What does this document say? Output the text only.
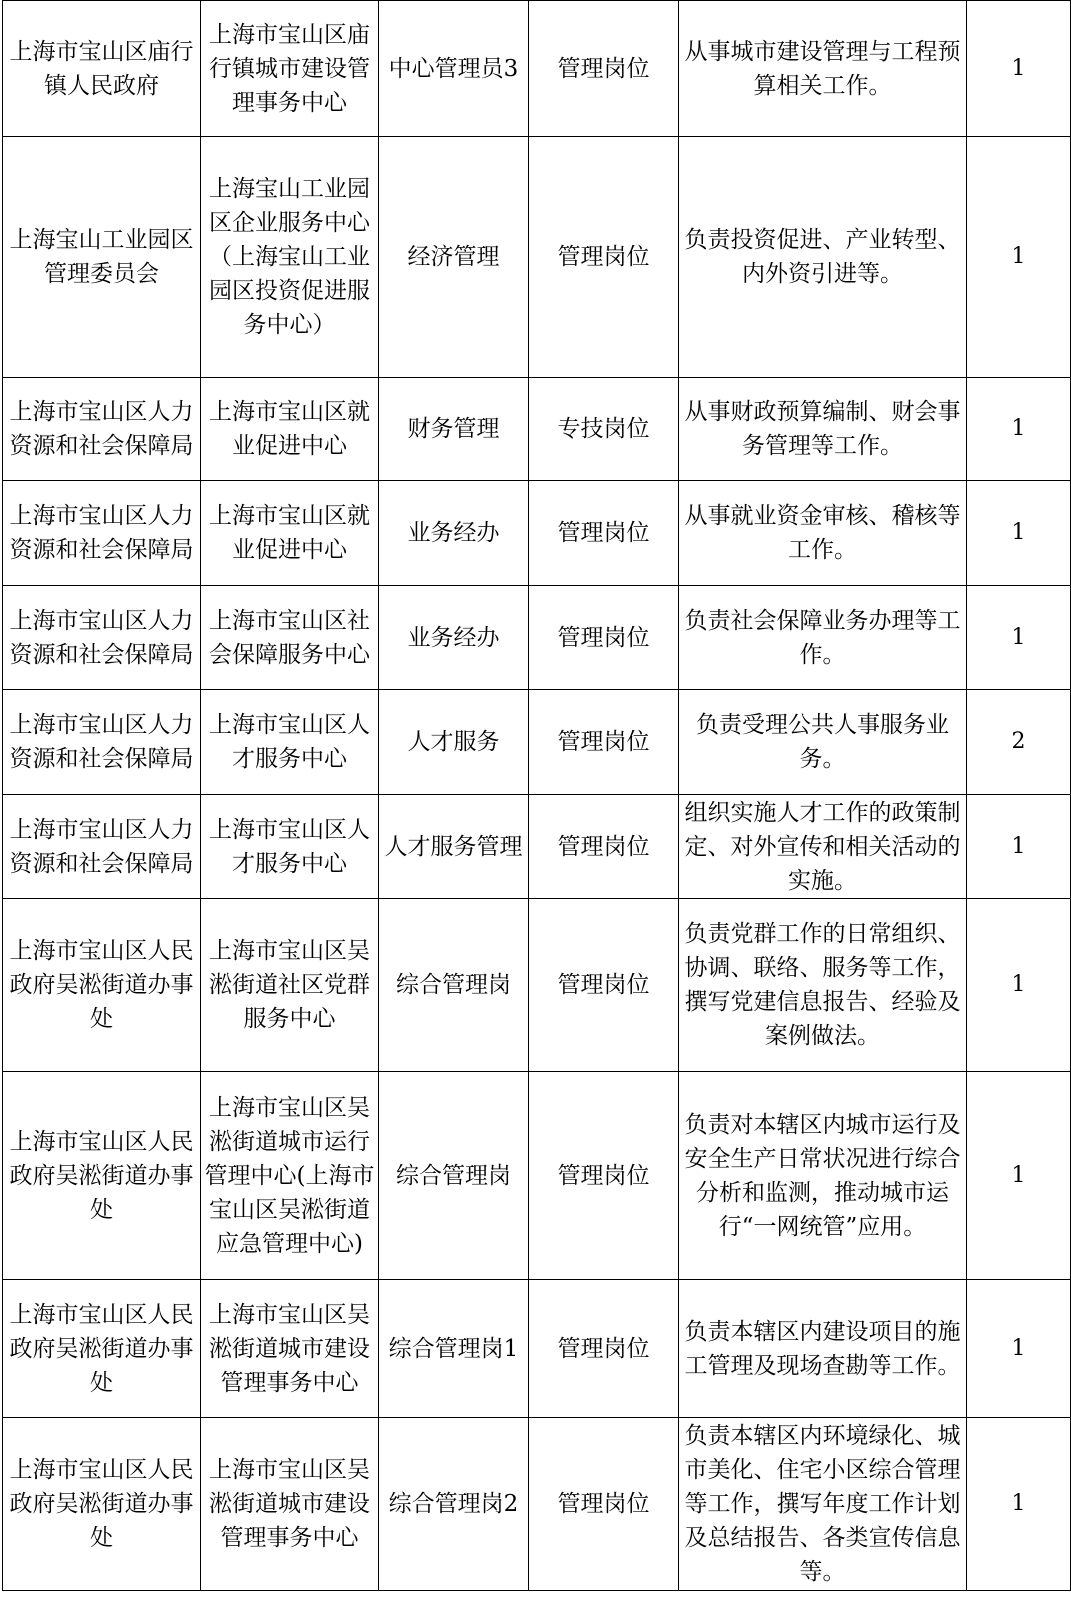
上海市宝山区庙行镇人民政府	上海市宝山区庙行镇城市建设管理事务中心	中心管理员3	管理岗位	从事城市建设管理与工程预算相关工作。	1
上海宝山工业园区管理委员会	上海宝山工业园区企业服务中心（上海宝山工业园区投资促进服务中心）	经济管理	管理岗位	负责投资促进、产业转型、内外资引进等。	1
上海市宝山区人力资源和社会保障局	上海市宝山区就业促进中心	财务管理	专技岗位	从事财政预算编制、财会事务管理等工作。	1
上海市宝山区人力资源和社会保障局	上海市宝山区就业促进中心	业务经办	管理岗位	从事就业资金审核、稽核等工作。	1
上海市宝山区人力资源和社会保障局	上海市宝山区社会保障服务中心	业务经办	管理岗位	负责社会保障业务办理等工作。	1
上海市宝山区人力资源和社会保障局	上海市宝山区人才服务中心	人才服务	管理岗位	负责受理公共人事服务业务。	2
上海市宝山区人力资源和社会保障局	上海市宝山区人才服务中心	人才服务管理	管理岗位	组织实施人才工作的政策制定、对外宣传和相关活动的实施。	1
上海市宝山区人民政府吴淞街道办事处	上海市宝山区吴淞街道社区党群服务中心	综合管理岗	管理岗位	负责党群工作的日常组织、协调、联络、服务等工作，撰写党建信息报告、经验及案例做法。	1
上海市宝山区人民政府吴淞街道办事处	上海市宝山区吴淞街道城市运行管理中心(上海市宝山区吴淞街道应急管理中心)	综合管理岗	管理岗位	负责对本辖区内城市运行及安全生产日常状况进行综合分析和监测，推动城市运行“一网统管”应用。	1
上海市宝山区人民政府吴淞街道办事处	上海市宝山区吴淞街道城市建设管理事务中心	综合管理岗1	管理岗位	负责本辖区内建设项目的施工管理及现场查勘等工作。	1
上海市宝山区人民政府吴淞街道办事处	上海市宝山区吴淞街道城市建设管理事务中心	综合管理岗2	管理岗位	负责本辖区内环境绿化、城市美化、住宅小区综合管理等工作，撰写年度工作计划及总结报告、各类宣传信息等。	1
